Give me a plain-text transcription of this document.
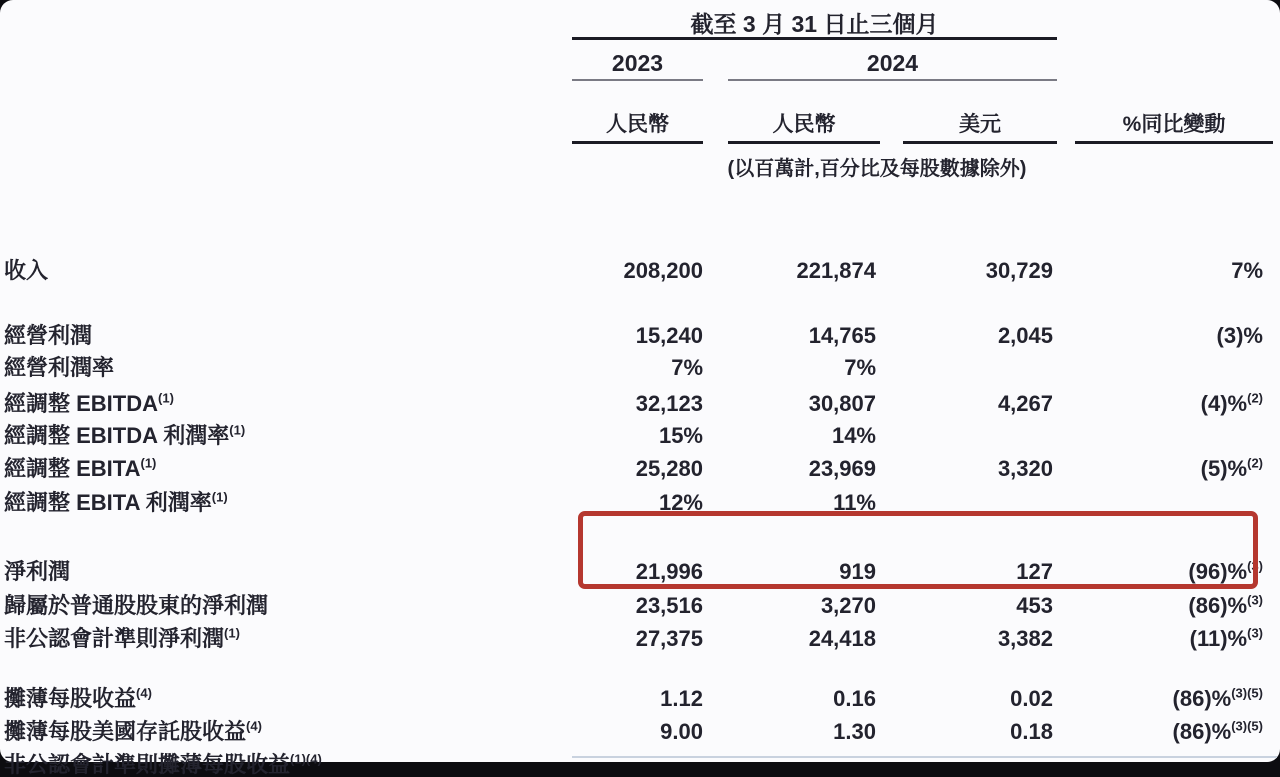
截至 3 月 31 日止三個月
2023	2024
人民幣	人民幣	美元	%同比變動
(以百萬計,百分比及每股數據除外)
收入	208,200	221,874	30,729	7%
經營利潤	15,240	14,765	2,045	(3)%
經營利潤率	7%	7%
經調整 EBITDA$^{(1)}$	32,123	30,807	4,267	(4)%$^{(2)}$
經調整 EBITDA 利潤率$^{(1)}$	15%	14%
經調整 EBITA$^{(1)}$	25,280	23,969	3,320	(5)%$^{(2)}$
經調整 EBITA 利潤率$^{(1)}$	12%	11%
淨利潤	21,996	919	127	(96)%$^{(3)}$
歸屬於普通股股東的淨利潤	23,516	3,270	453	(86)%$^{(3)}$
非公認會計準則淨利潤$^{(1)}$	27,375	24,418	3,382	(11)%$^{(3)}$
攤薄每股收益$^{(4)}$	1.12	0.16	0.02	(86)%$^{(3)(5)}$
攤薄每股美國存託股收益$^{(4)}$	9.00	1.30	0.18	(86)%$^{(3)(5)}$
非公認會計準則攤薄每股收益$^{(1)(4)}$
